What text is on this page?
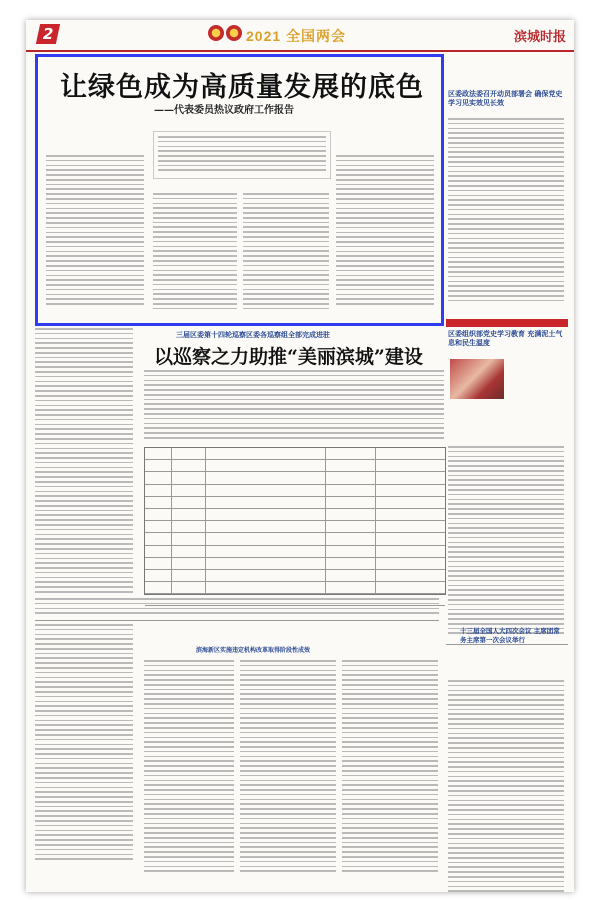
2	2021 全国两会	滨城时报
让绿色成为高质量发展的底色
——代表委员热议政府工作报告
区委政法委召开动员部署会 确保党史学习见实效见长效
区委组织部党史学习教育 充满泥土气息和民生温度
十三届全国人大四次会议 主席团常务主席第一次会议举行
三届区委第十四轮巡察区委各巡察组全部完成进驻
以巡察之力助推“美丽滨城”建设
滨海新区实施违定机构改革取得阶段性成效
